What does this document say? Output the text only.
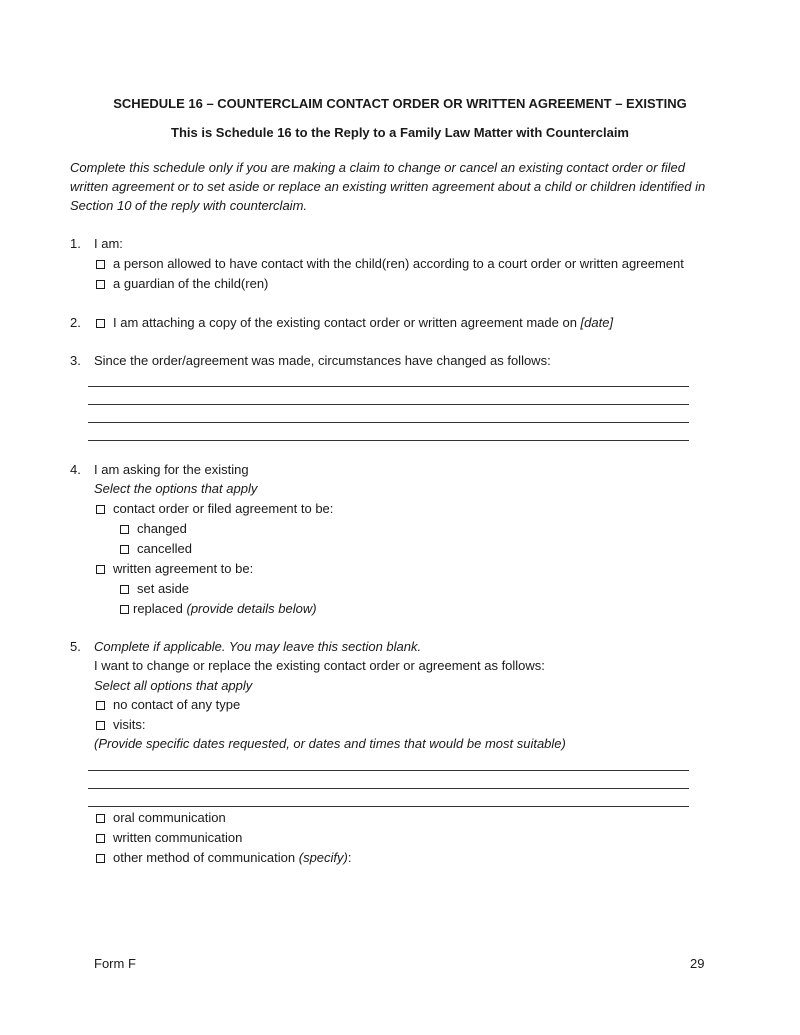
SCHEDULE 16 – COUNTERCLAIM CONTACT ORDER OR WRITTEN AGREEMENT – EXISTING
This is Schedule 16 to the Reply to a Family Law Matter with Counterclaim
Complete this schedule only if you are making a claim to change or cancel an existing contact order or filed
written agreement or to set aside or replace an existing written agreement about a child or children identified in
Section 10 of the reply with counterclaim.
1. I am:
a person allowed to have contact with the child(ren) according to a court order or written agreement
a guardian of the child(ren)
2.	I am attaching a copy of the existing contact order or written agreement made on [date]
3. Since the order/agreement was made, circumstances have changed as follows:
4. I am asking for the existing
Select the options that apply
contact order or filed agreement to be:
changed
cancelled
written agreement to be:
set aside
replaced (provide details below)
5. Complete if applicable. You may leave this section blank.
I want to change or replace the existing contact order or agreement as follows:
Select all options that apply
no contact of any type
visits:
(Provide specific dates requested, or dates and times that would be most suitable)
oral communication
written communication
other method of communication (specify):
Form F	29
